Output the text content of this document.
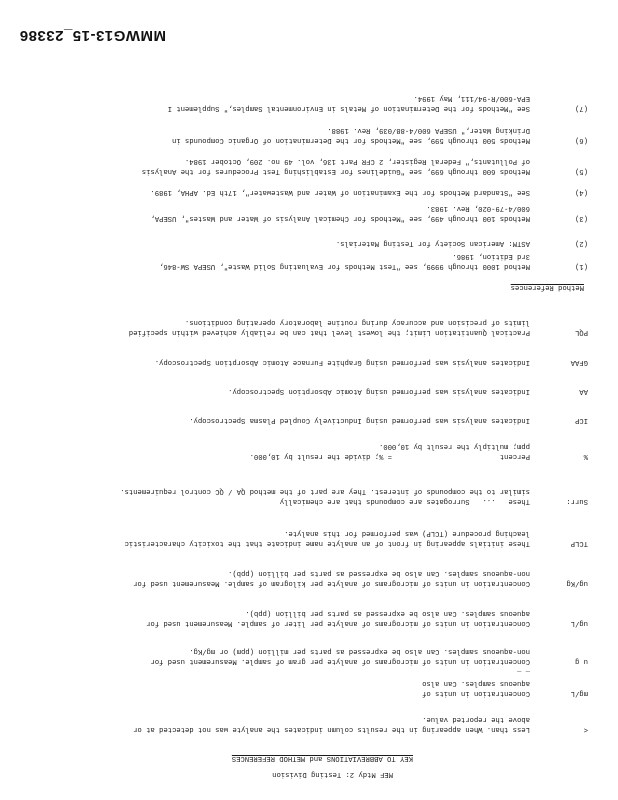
MEF Mtdy 2: Testing Division
KEY TO ABBREVIATIONS and METHOD REFERENCES
<
Less than. When appearing in the results column indicates the analyte was not detected at or
above the reported value.
mg/L
Concentration in units of
aqueous samples. Can also
_ _
u g
Concentration in units of micrograms of analyte per gram of sample. Measurement used for
non-aqueous samples. Can also be expressed as parts per million (ppm) or mg/Kg.
ug/L
Concentration in units of micrograms of analyte per liter of sample. Measurement used for
aqueous samples. Can also be expressed as parts per billion (ppb).
ug/Kg
Concentration in units of micrograms of analyte per kilogram of sample. Measurement used for
non-aqueous samples. Can also be expressed as parts per billion (ppb).
TCLP
These initials appearing in front of an analyte name indicate that the toxicity characteristic
leaching procedure (TCLP) was performed for this analyte.
Surr:
These   ...   Surrogates are compounds that are chemically
similar to the compounds of interest. They are part of the method QA / QC control requirements.
%
Percent                         = %; divide the result by 10,000.
ppm; multiply the result by 10,000.
ICP
Indicates analysis was performed using Inductively Coupled Plasma Spectroscopy.
AA
Indicates analysis was performed using Atomic Absorption Spectroscopy.
GFAA
Indicates analysis was performed using Graphite Furnace Atomic Absorption Spectroscopy.
PQL
Practical Quantitation Limit; the lowest level that can be reliably achieved within specified
limits of precision and accuracy during routine laboratory operating conditions.
Method References
(1)
Method 1000 through 9999, see "Test Methods for Evaluating Solid Waste", USEPA SW-846,
3rd Edition, 1986.
(2)
ASTM: American Society for Testing Materials.
(3)
Methods 100 through 499, see "Methods for Chemical Analysis of Water and Wastes", USEPA,
600/4-79-020, Rev. 1983.
(4)
See "Standard Methods for the Examination of Water and Wastewater", 17th Ed. APHA, 1989.
(5)
Methods 600 through 699, see "Guidelines for Establishing Test Procedures for the Analysis
of Pollutants," Federal Register, 2 CFR Part 136, vol. 49 no. 209, October 1984.
(6)
Methods 500 through 599, see "Methods for the Determination of Organic Compounds in
Drinking Water," USEPA 600/4-88/039, Rev. 1988.
(7)
See "Methods for the Determination of Metals in Environmental Samples," Supplement I
EPA-600/R-94/111, May 1994.
MMWG13-15_23386
